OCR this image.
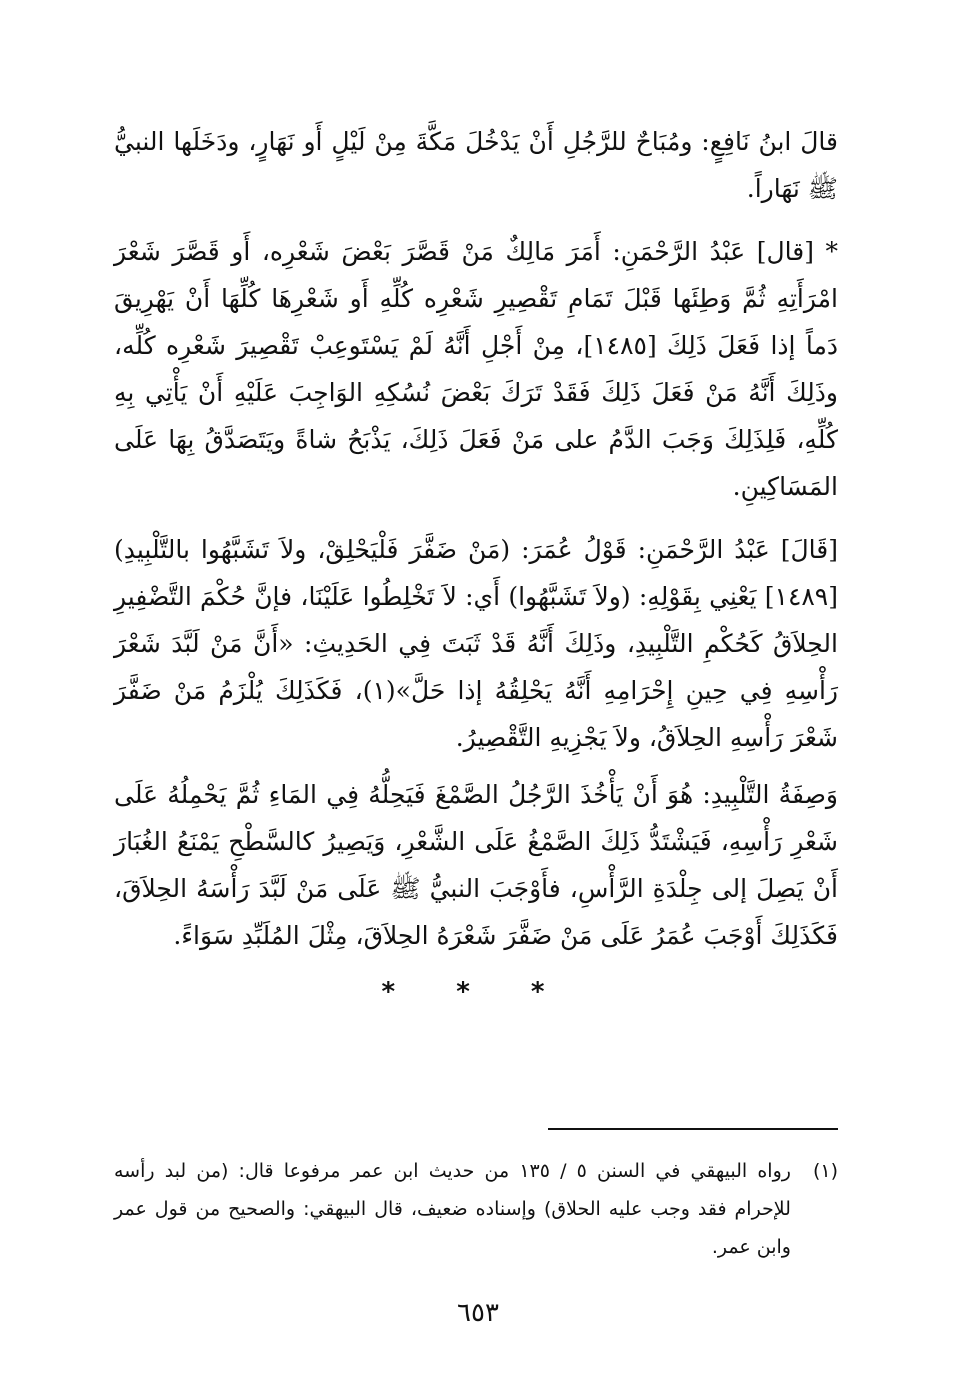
قالَ ابنُ نَافِعٍ: ومُبَاحٌ للرَّجُلِ أَنْ يَدْخُلَ مَكَّةَ مِنْ لَيْلٍ أَو نَهَارٍ، ودَخَلَها النبيُّ ﷺ نَهَاراً.

* [قال] عَبْدُ الرَّحْمَنِ: أَمَرَ مَالِكٌ مَنْ قَصَّرَ بَعْضَ شَعْرِه، أَو قَصَّرَ شَعْرَ امْرَأَتِهِ ثُمَّ وَطِئَها قَبْلَ تَمَامِ تَقْصِيرِ شَعْرِه كُلِّهِ أَو شَعْرِهَا كُلِّهَا أَنْ يَهْرِيقَ دَماً إذا فَعَلَ ذَلِكَ [١٤٨٥]، مِنْ أَجْلِ أَنَّهُ لَمْ يَسْتَوعِبْ تَقْصِيرَ شَعْرِه كُلِّه، وذَلِكَ أَنَّهُ مَنْ فَعَلَ ذَلِكَ فَقَدْ تَرَكَ بَعْضَ نُسُكِهِ الوَاجِبَ عَلَيْهِ أَنْ يَأْتِي بِهِ كُلِّهِ، فَلِذَلِكَ وَجَبَ الدَّمُ على مَنْ فَعَلَ ذَلِكَ، يَذْبَحُ شاةً ويَتَصَدَّقُ بِهَا عَلَى المَسَاكِينِ.

[قَالَ] عَبْدُ الرَّحْمَنِ: قَوْلُ عُمَرَ: (مَنْ ضَفَّرَ فَلْيَحْلِقْ، ولاَ تَشَبَّهُوا بالتَّلْبِيدِ)[١٤٨٩] يَعْنِي بِقَوْلِهِ: (ولاَ تَشَبَّهُوا) أَي: لاَ تَخْلِطُوا عَلَيْنَا، فإنَّ حُكْمَ التَّضْفِيرِ الحِلاَقُ كَحُكْمِ التَّلْبِيدِ، وذَلِكَ أَنَّهُ قَدْ ثَبَتَ فِي الحَدِيثِ: «أَنَّ مَنْ لَبَّدَ شَعْرَ رَأْسِهِ فِي حِينِ إِحْرَامِهِ أَنَّهُ يَحْلِقُهُ إذا حَلَّ»(١)، فَكَذَلِكَ يُلْزَمُ مَنْ ضَفَّرَ شَعْرَ رَأْسِهِ الحِلاَقُ، ولاَ يَجْزِيهِ التَّقْصِيرُ.

وَصِفَةُ التَّلْبِيدِ: هُوَ أَنْ يَأْخُذَ الرَّجُلُ الصَّمْغَ فَيَحِلُّهُ فِي المَاءِ ثُمَّ يَحْمِلُهُ عَلَى شَعْرِ رَأْسِهِ، فَيَشْتَدُّ ذَلِكَ الصَّمْغُ عَلَى الشَّعْرِ، وَيَصِيرُ كالسَّطْحِ يَمْنَعُ الغُبَارَ أَنْ يَصِلَ إلى جِلْدَةِ الرَّأْسِ، فأَوْجَبَ النبيُّ ﷺ عَلَى مَنْ لَبَّدَ رَأْسَهُ الحِلاَقَ، فَكَذَلِكَ أَوْجَبَ عُمَرُ عَلَى مَنْ ضَفَّرَ شَعْرَهُ الحِلاَقَ، مِثْلَ المُلَبِّدِ سَوَاءً.

* * *
(١)
رواه البيهقي في السنن ٥ / ١٣٥ من حديث ابن عمر مرفوعا قال: (من لبد رأسه للإحرام فقد وجب عليه الحلاق) وإسناده ضعيف، قال البيهقي: والصحيح من قول عمر وابن عمر.
٦٥٣
